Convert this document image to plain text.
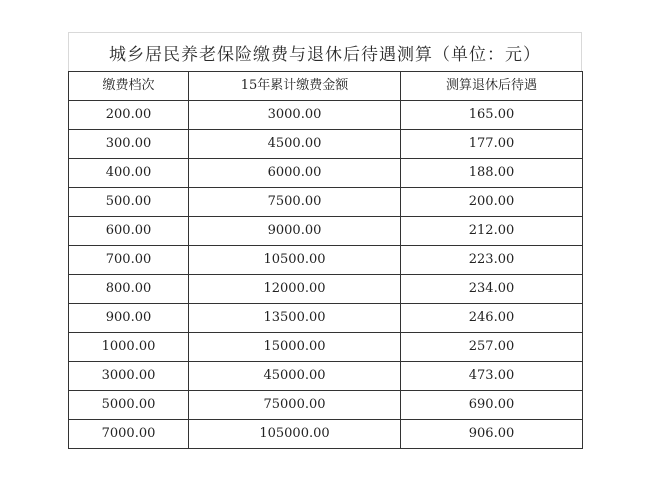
城乡居民养老保险缴费与退休后待遇测算（单位：元）
缴费档次	15年累计缴费金额	测算退休后待遇
200.00	3000.00	165.00
300.00	4500.00	177.00
400.00	6000.00	188.00
500.00	7500.00	200.00
600.00	9000.00	212.00
700.00	10500.00	223.00
800.00	12000.00	234.00
900.00	13500.00	246.00
1000.00	15000.00	257.00
3000.00	45000.00	473.00
5000.00	75000.00	690.00
7000.00	105000.00	906.00
